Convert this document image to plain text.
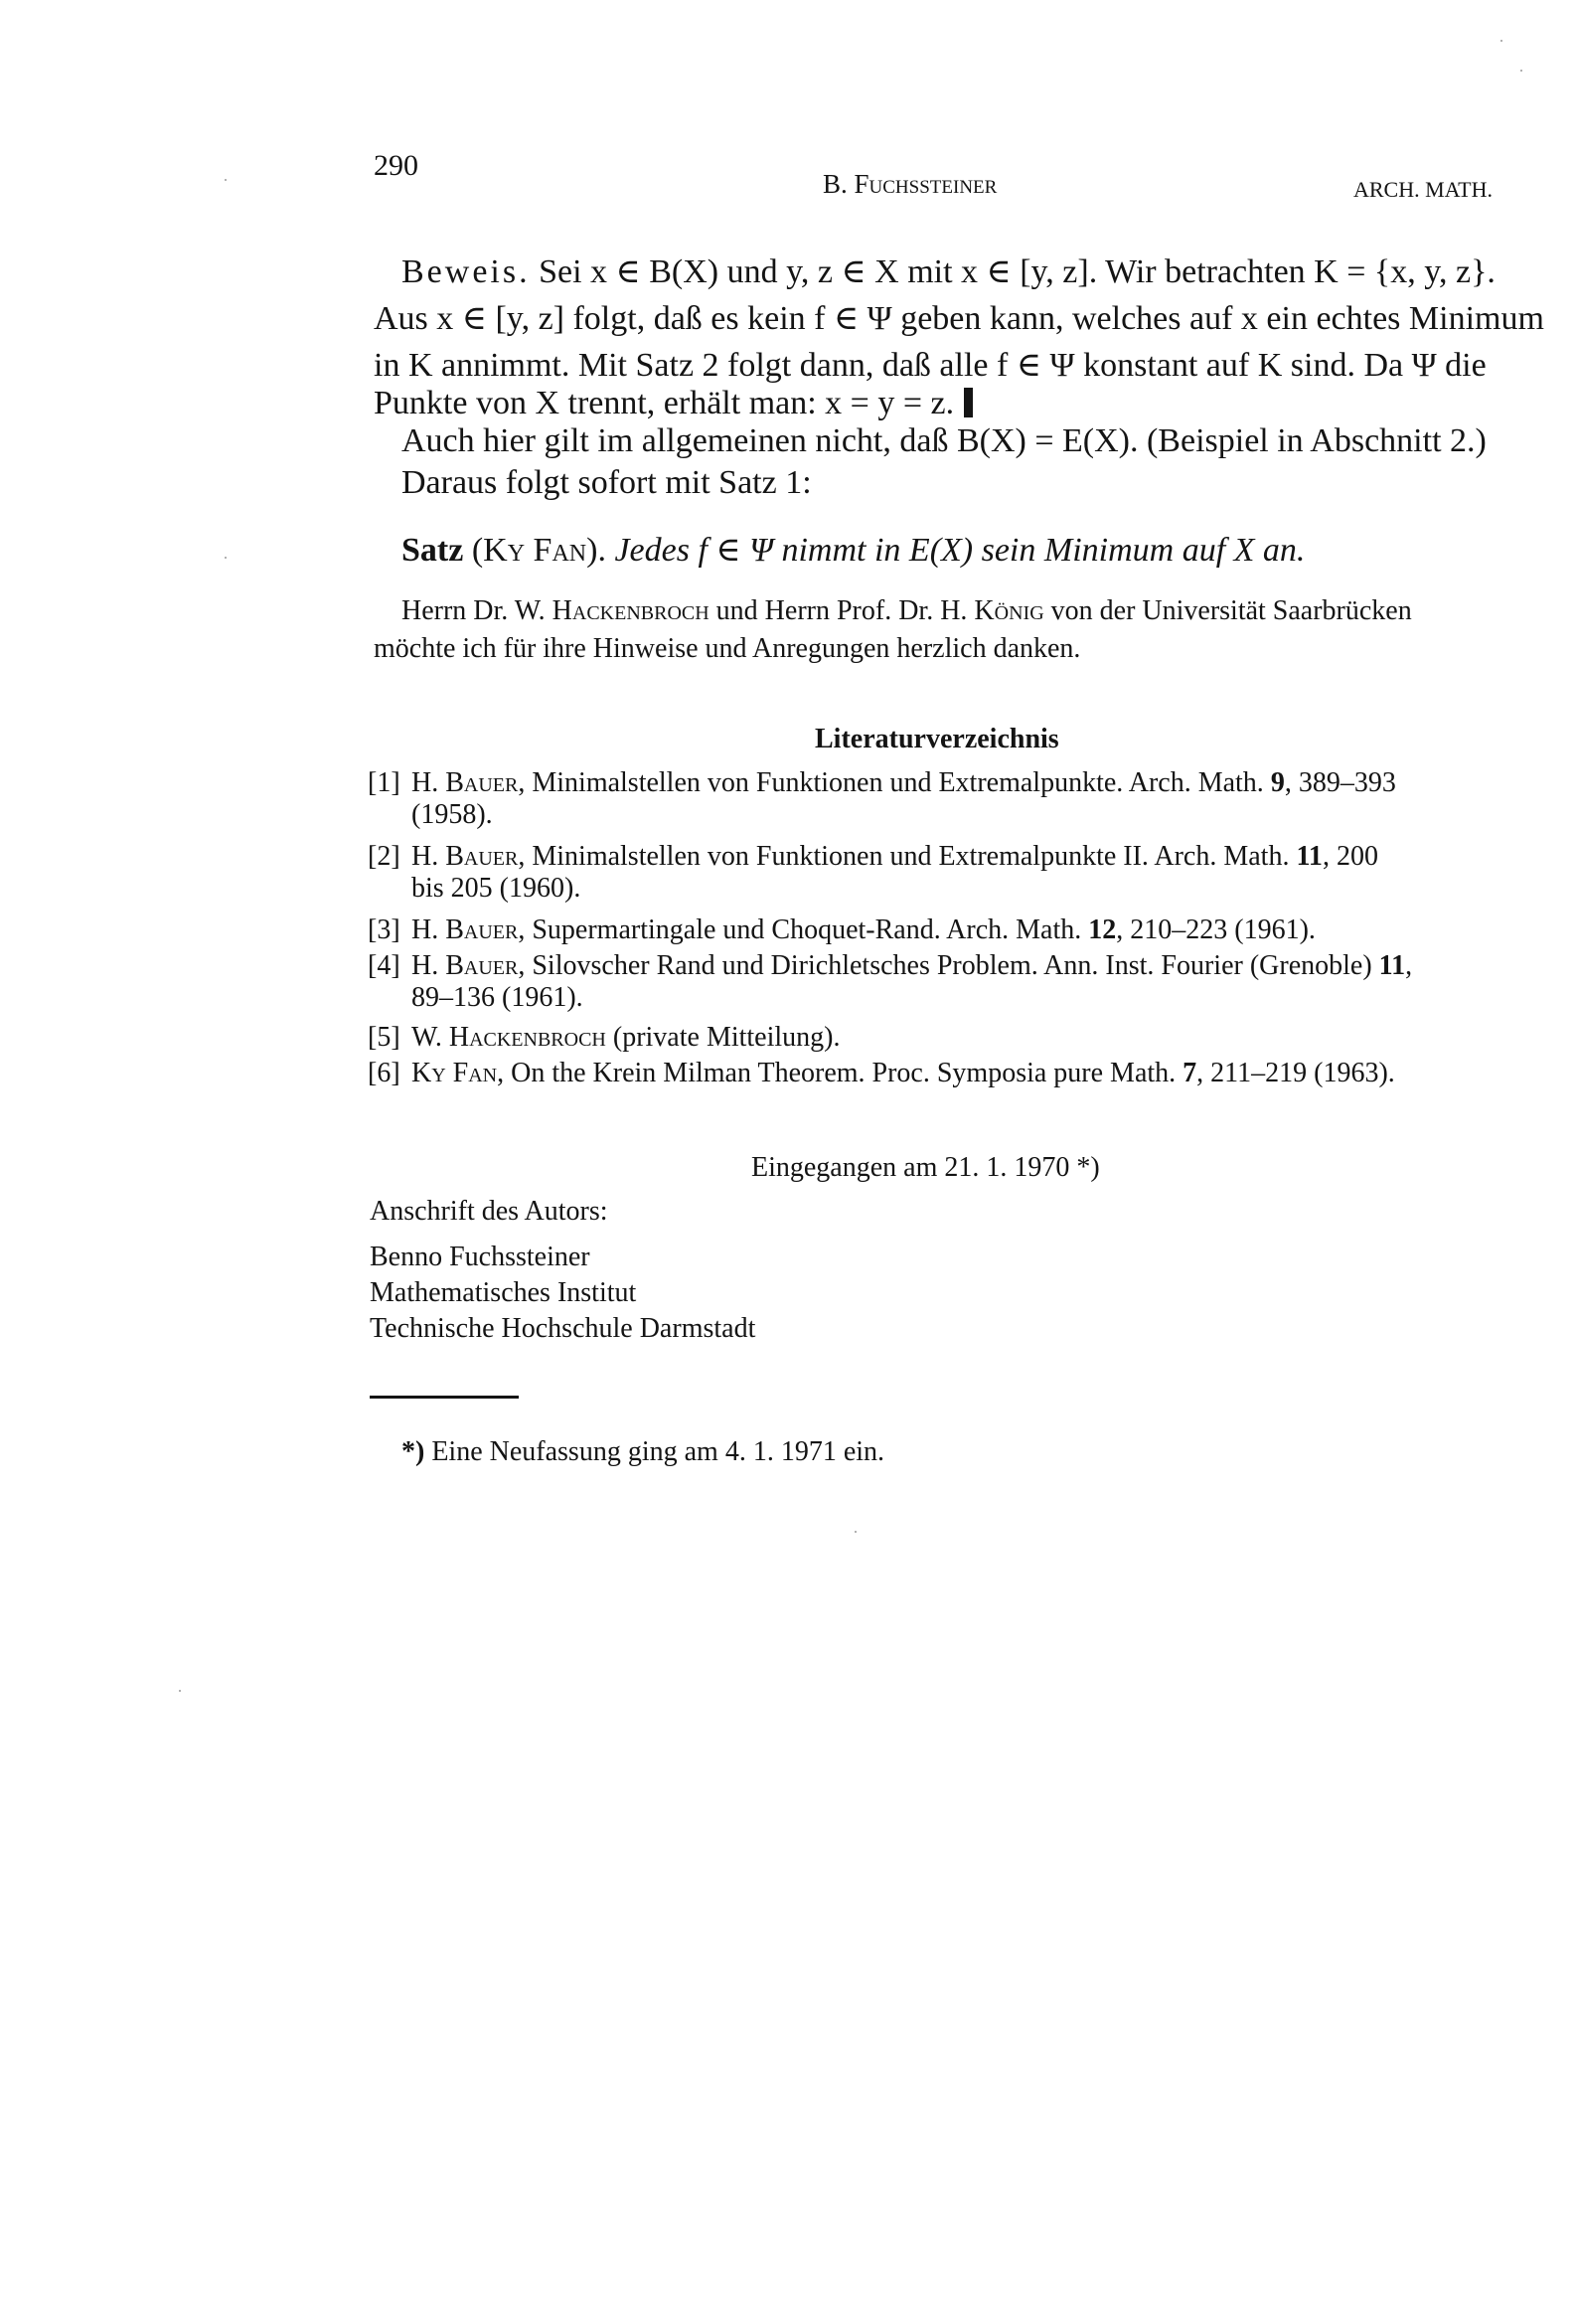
290
B. Fuchssteiner	ARCH. MATH.
Beweis. Sei x ∈ B(X) und y, z ∈ X mit x ∈ [y, z]. Wir betrachten K = {x, y, z}.
Aus x ∈ [y, z] folgt, daß es kein f ∈ Ψ geben kann, welches auf x ein echtes Minimum
in K annimmt. Mit Satz 2 folgt dann, daß alle f ∈ Ψ konstant auf K sind. Da Ψ die
Punkte von X trennt, erhält man: x = y = z.
Auch hier gilt im allgemeinen nicht, daß B(X) = E(X). (Beispiel in Abschnitt 2.)
Daraus folgt sofort mit Satz 1:
Satz (Ky Fan). Jedes f ∈ Ψ nimmt in E(X) sein Minimum auf X an.
Herrn Dr. W. Hackenbroch und Herrn Prof. Dr. H. König von der Universität Saarbrücken
möchte ich für ihre Hinweise und Anregungen herzlich danken.
Literaturverzeichnis
[1] H. Bauer, Minimalstellen von Funktionen und Extremalpunkte. Arch. Math. 9, 389–393
(1958).
[2] H. Bauer, Minimalstellen von Funktionen und Extremalpunkte II. Arch. Math. 11, 200
bis 205 (1960).
[3] H. Bauer, Supermartingale und Choquet-Rand. Arch. Math. 12, 210–223 (1961).
[4] H. Bauer, Silovscher Rand und Dirichletsches Problem. Ann. Inst. Fourier (Grenoble) 11,
89–136 (1961).
[5] W. Hackenbroch (private Mitteilung).
[6] Ky Fan, On the Krein Milman Theorem. Proc. Symposia pure Math. 7, 211–219 (1963).
Eingegangen am 21. 1. 1970 *)
Anschrift des Autors:
Benno Fuchssteiner
Mathematisches Institut
Technische Hochschule Darmstadt
*) Eine Neufassung ging am 4. 1. 1971 ein.
